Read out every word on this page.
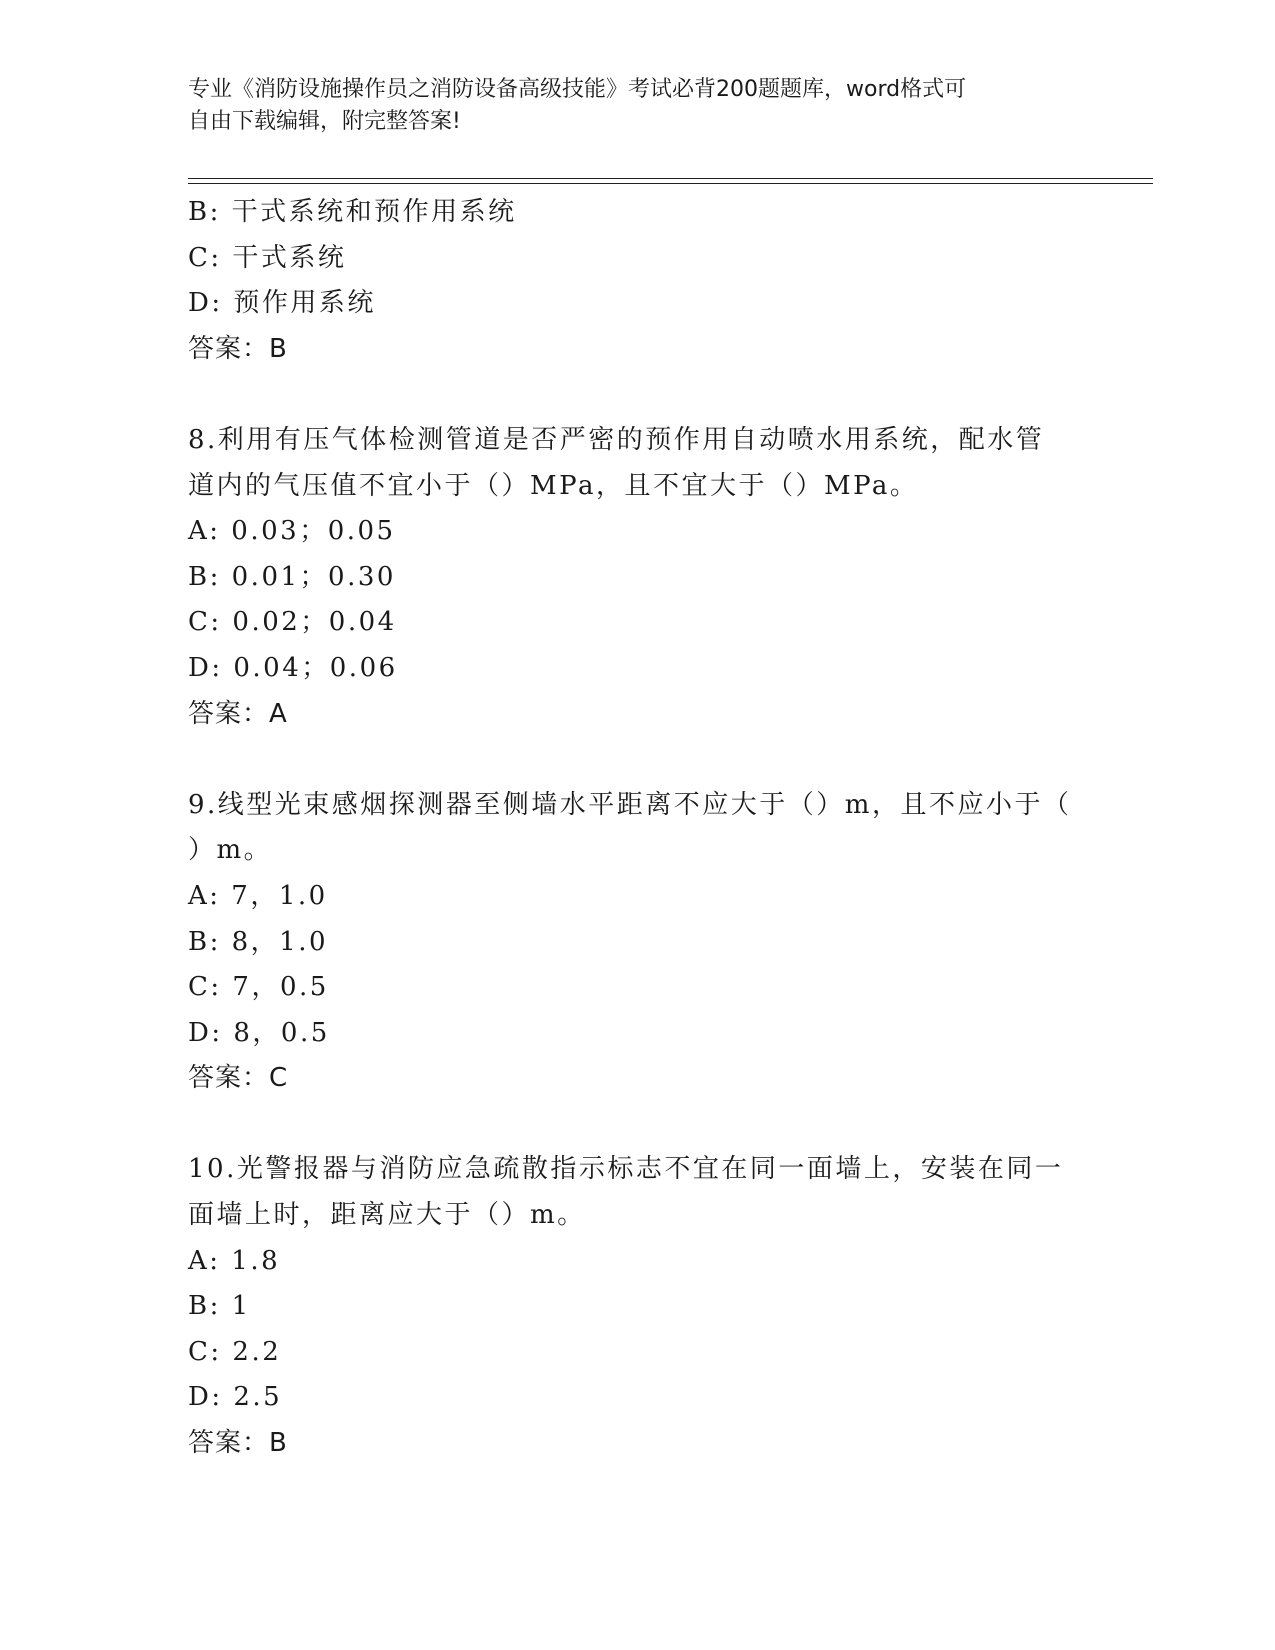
专业《消防设施操作员之消防设备高级技能》考试必背200题题库，word格式可
自由下载编辑，附完整答案!

B: 干式系统和预作用系统

C: 干式系统

D: 预作用系统

答案：B

8.利用有压气体检测管道是否严密的预作用自动喷水用系统，配水管

道内的气压值不宜小于（）MPa，且不宜大于（）MPa。

A: 0.03；0.05

B: 0.01；0.30

C: 0.02；0.04

D: 0.04；0.06

答案：A

9.线型光束感烟探测器至侧墙水平距离不应大于（）m，且不应小于（

）m。

A: 7，1.0

B: 8，1.0

C: 7，0.5

D: 8，0.5

答案：C

10.光警报器与消防应急疏散指示标志不宜在同一面墙上，安装在同一

面墙上时，距离应大于（）m。

A: 1.8

B: 1

C: 2.2

D: 2.5

答案：B
